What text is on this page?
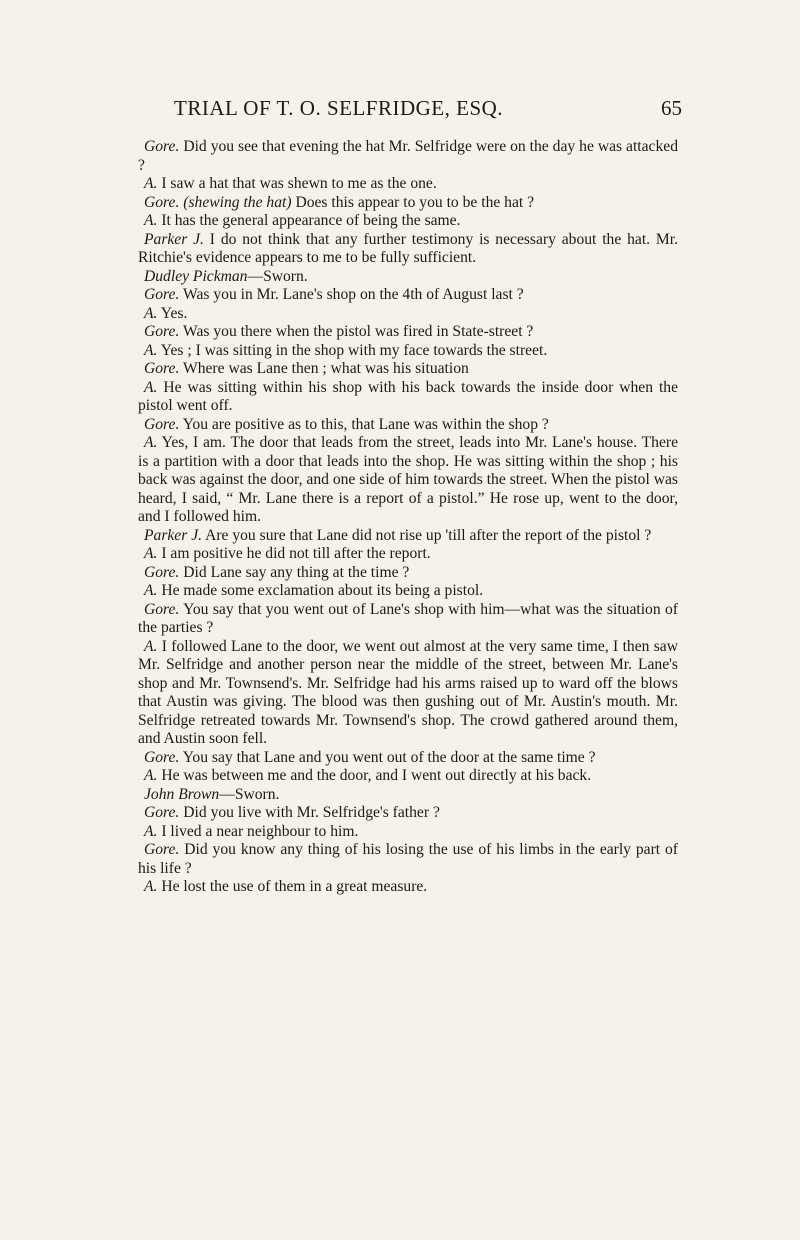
TRIAL OF T. O. SELFRIDGE, ESQ.	65

Gore. Did you see that evening the hat Mr. Selfridge were on the day he was attacked ?

A. I saw a hat that was shewn to me as the one.

Gore. (shewing the hat) Does this appear to you to be the hat ?

A. It has the general appearance of being the same.

Parker J. I do not think that any further testimony is necessary about the hat. Mr. Ritchie's evidence appears to me to be fully sufficient.

Dudley Pickman—Sworn.

Gore. Was you in Mr. Lane's shop on the 4th of August last ?

A. Yes.

Gore. Was you there when the pistol was fired in State-street ?

A. Yes ; I was sitting in the shop with my face towards the street.

Gore. Where was Lane then ; what was his situation

A. He was sitting within his shop with his back towards the inside door when the pistol went off.

Gore. You are positive as to this, that Lane was within the shop ?

A. Yes, I am. The door that leads from the street, leads into Mr. Lane's house. There is a partition with a door that leads into the shop. He was sitting within the shop ; his back was against the door, and one side of him towards the street. When the pistol was heard, I said, “ Mr. Lane there is a report of a pistol.” He rose up, went to the door, and I followed him.

Parker J. Are you sure that Lane did not rise up 'till after the report of the pistol ?

A. I am positive he did not till after the report.

Gore. Did Lane say any thing at the time ?

A. He made some exclamation about its being a pistol.

Gore. You say that you went out of Lane's shop with him—what was the situation of the parties ?

A. I followed Lane to the door, we went out almost at the very same time, I then saw Mr. Selfridge and another person near the middle of the street, between Mr. Lane's shop and Mr. Townsend's. Mr. Selfridge had his arms raised up to ward off the blows that Austin was giving. The blood was then gushing out of Mr. Austin's mouth. Mr. Selfridge retreated towards Mr. Townsend's shop. The crowd gathered around them, and Austin soon fell.

Gore. You say that Lane and you went out of the door at the same time ?

A. He was between me and the door, and I went out directly at his back.

John Brown—Sworn.

Gore. Did you live with Mr. Selfridge's father ?

A. I lived a near neighbour to him.

Gore. Did you know any thing of his losing the use of his limbs in the early part of his life ?

A. He lost the use of them in a great measure.
